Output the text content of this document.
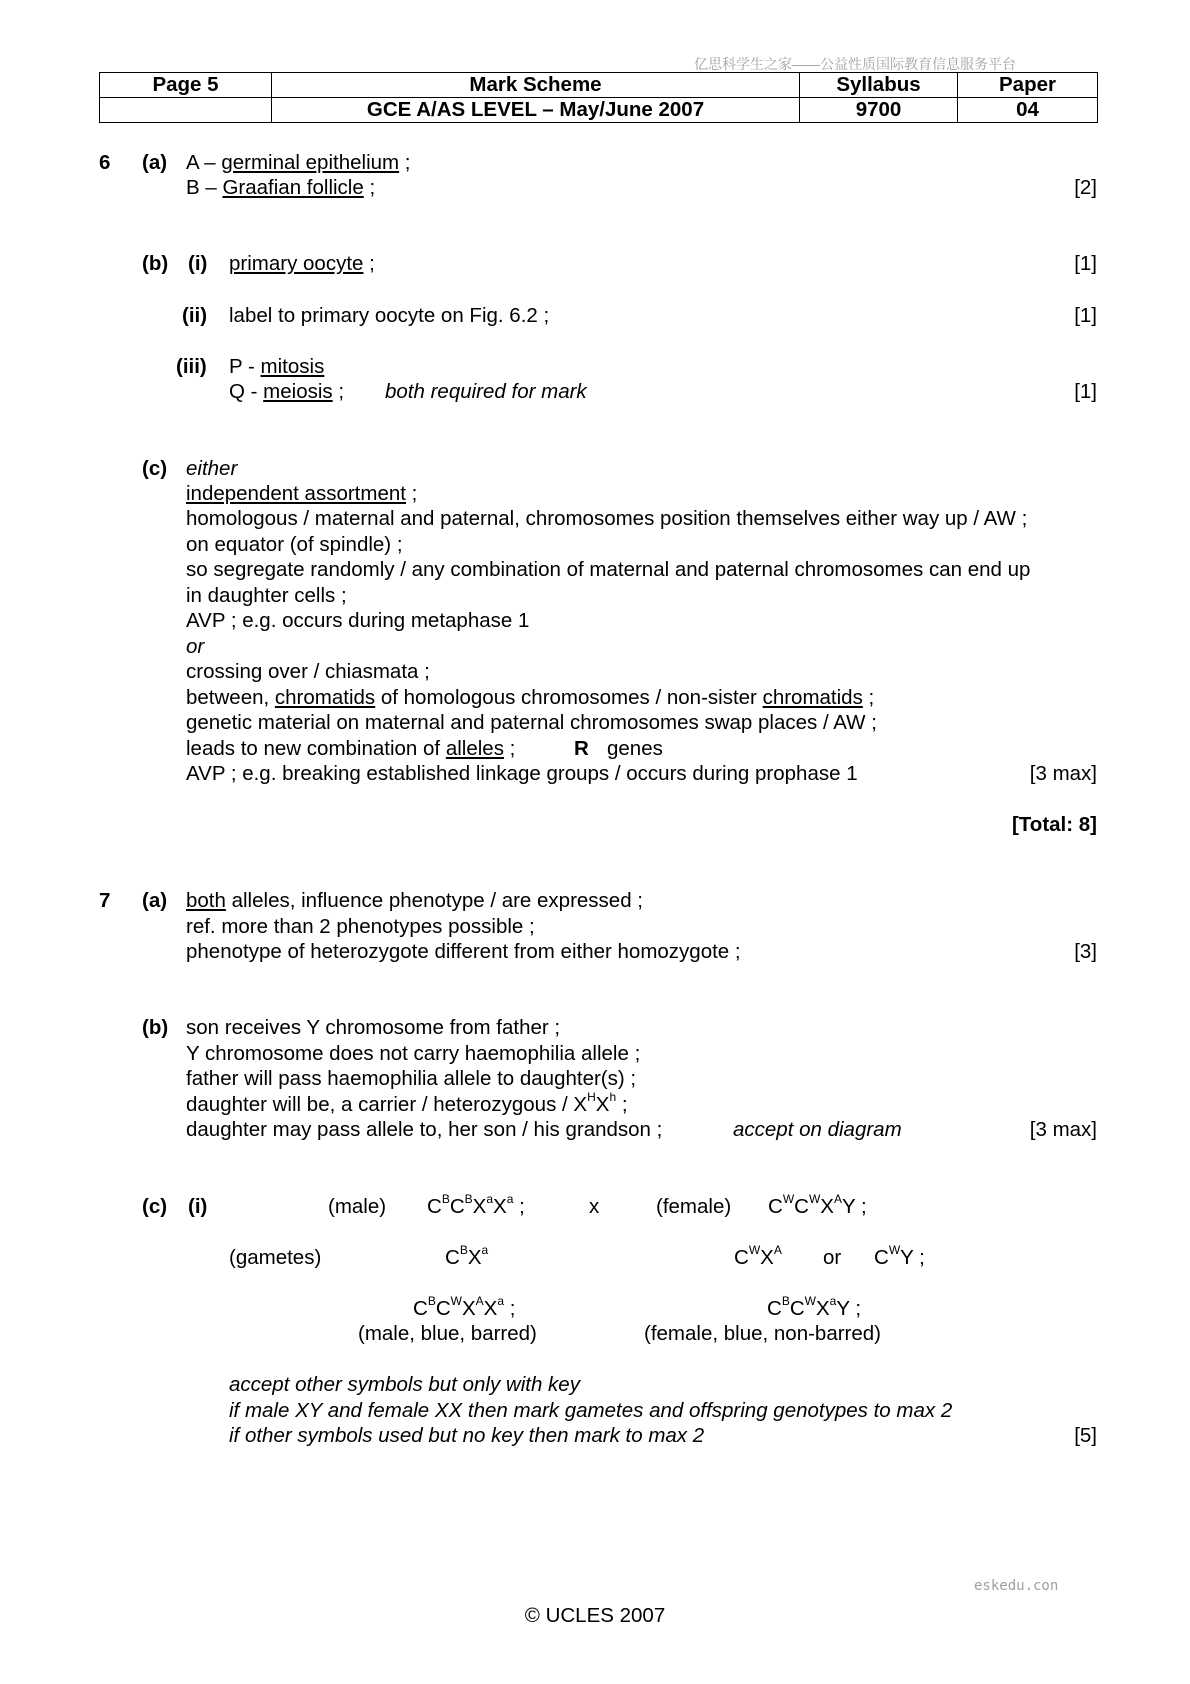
亿思科学生之家——公益性质国际教育信息服务平台
Page 5	Mark Scheme	Syllabus	Paper
	GCE A/AS LEVEL – May/June 2007	9700	04
6 (a) A – germinal epithelium ;
B – Graafian follicle ;	[2]
(b) (i) primary oocyte ;	[1]
(ii) label to primary oocyte on Fig. 6.2 ;	[1]
(iii) P - mitosis
Q - meiosis ; both required for mark	[1]
(c) either
independent assortment ;
homologous / maternal and paternal, chromosomes position themselves either way up / AW ;
on equator (of spindle) ;
so segregate randomly / any combination of maternal and paternal chromosomes can end up
in daughter cells ;
AVP ; e.g. occurs during metaphase 1
or
crossing over / chiasmata ;
between, chromatids of homologous chromosomes / non-sister chromatids ;
genetic material on maternal and paternal chromosomes swap places / AW ;
leads to new combination of alleles ;	R genes
AVP ; e.g. breaking established linkage groups / occurs during prophase 1	[3 max]
[Total: 8]
7 (a) both alleles, influence phenotype / are expressed ;
ref. more than 2 phenotypes possible ;
phenotype of heterozygote different from either homozygote ;	[3]
(b) son receives Y chromosome from father ;
Y chromosome does not carry haemophilia allele ;
father will pass haemophilia allele to daughter(s) ;
daughter will be, a carrier / heterozygous / $X^HX^h$ ;
daughter may pass allele to, her son / his grandson ;	accept on diagram	[3 max]
(c) (i)	(male) $C^BC^BX^aX^a$ ;	x	(female) $C^WC^WX^AY$ ;
(gametes)	$C^BX^a$	$C^WX^A$ or $C^WY$ ;
$C^BC^WX^AX^a$ ;	$C^BC^WX^aY$ ;
(male, blue, barred)	(female, blue, non-barred)
accept other symbols but only with key
if male XY and female XX then mark gametes and offspring genotypes to max 2
if other symbols used but no key then mark to max 2	[5]
eskedu.con
© UCLES 2007
